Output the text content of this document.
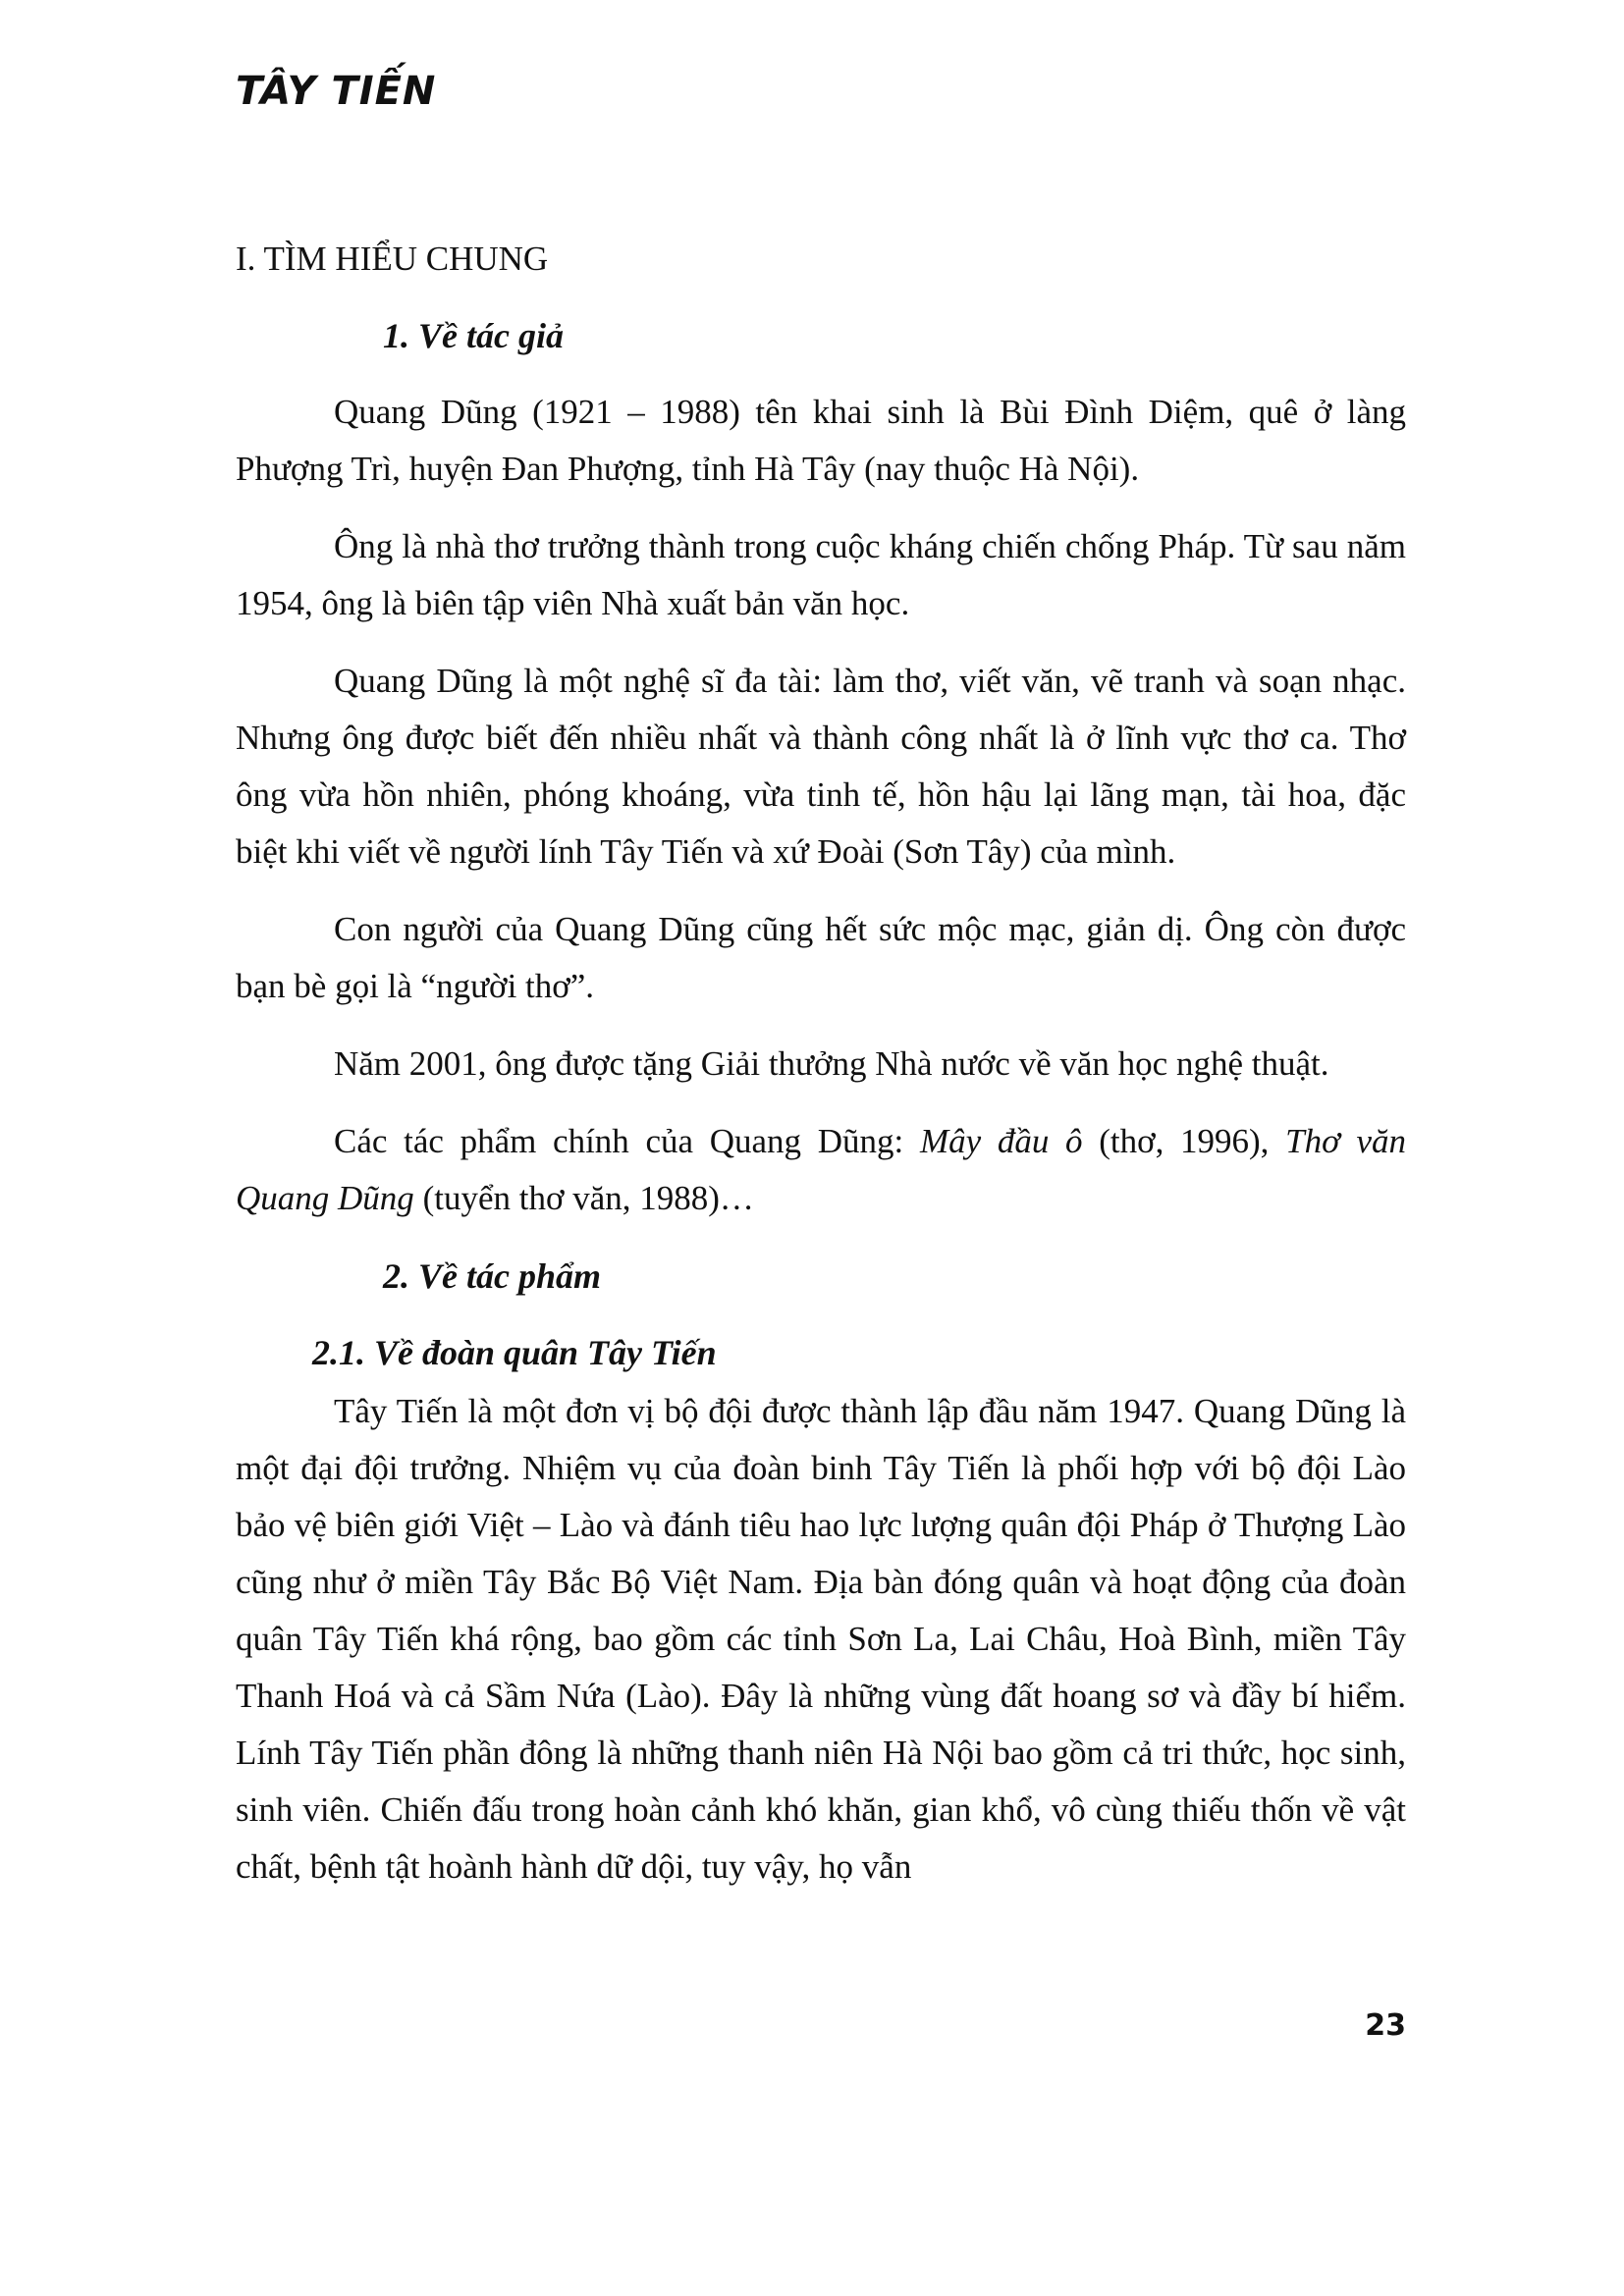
TÂY TIẾN
I. TÌM HIỂU CHUNG
1. Về tác giả

Quang Dũng (1921 – 1988) tên khai sinh là Bùi Đình Diệm, quê ở làng Phượng Trì, huyện Đan Phượng, tỉnh Hà Tây (nay thuộc Hà Nội).

Ông là nhà thơ trưởng thành trong cuộc kháng chiến chống Pháp. Từ sau năm 1954, ông là biên tập viên Nhà xuất bản văn học.

Quang Dũng là một nghệ sĩ đa tài: làm thơ, viết văn, vẽ tranh và soạn nhạc. Nhưng ông được biết đến nhiều nhất và thành công nhất là ở lĩnh vực thơ ca. Thơ ông vừa hồn nhiên, phóng khoáng, vừa tinh tế, hồn hậu lại lãng mạn, tài hoa, đặc biệt khi viết về người lính Tây Tiến và xứ Đoài (Sơn Tây) của mình.

Con người của Quang Dũng cũng hết sức mộc mạc, giản dị. Ông còn được bạn bè gọi là “người thơ”.

Năm 2001, ông được tặng Giải thưởng Nhà nước về văn học nghệ thuật.

Các tác phẩm chính của Quang Dũng: Mây đầu ô (thơ, 1996), Thơ văn Quang Dũng (tuyển thơ văn, 1988)…

2. Về tác phẩm
2.1. Về đoàn quân Tây Tiến

Tây Tiến là một đơn vị bộ đội được thành lập đầu năm 1947. Quang Dũng là một đại đội trưởng. Nhiệm vụ của đoàn binh Tây Tiến là phối hợp với bộ đội Lào bảo vệ biên giới Việt – Lào và đánh tiêu hao lực lượng quân đội Pháp ở Thượng Lào cũng như ở miền Tây Bắc Bộ Việt Nam. Địa bàn đóng quân và hoạt động của đoàn quân Tây Tiến khá rộng, bao gồm các tỉnh Sơn La, Lai Châu, Hoà Bình, miền Tây Thanh Hoá và cả Sầm Nứa (Lào). Đây là những vùng đất hoang sơ và đầy bí hiểm. Lính Tây Tiến phần đông là những thanh niên Hà Nội bao gồm cả tri thức, học sinh, sinh viên. Chiến đấu trong hoàn cảnh khó khăn, gian khổ, vô cùng thiếu thốn về vật chất, bệnh tật hoành hành dữ dội, tuy vậy, họ vẫn

23
